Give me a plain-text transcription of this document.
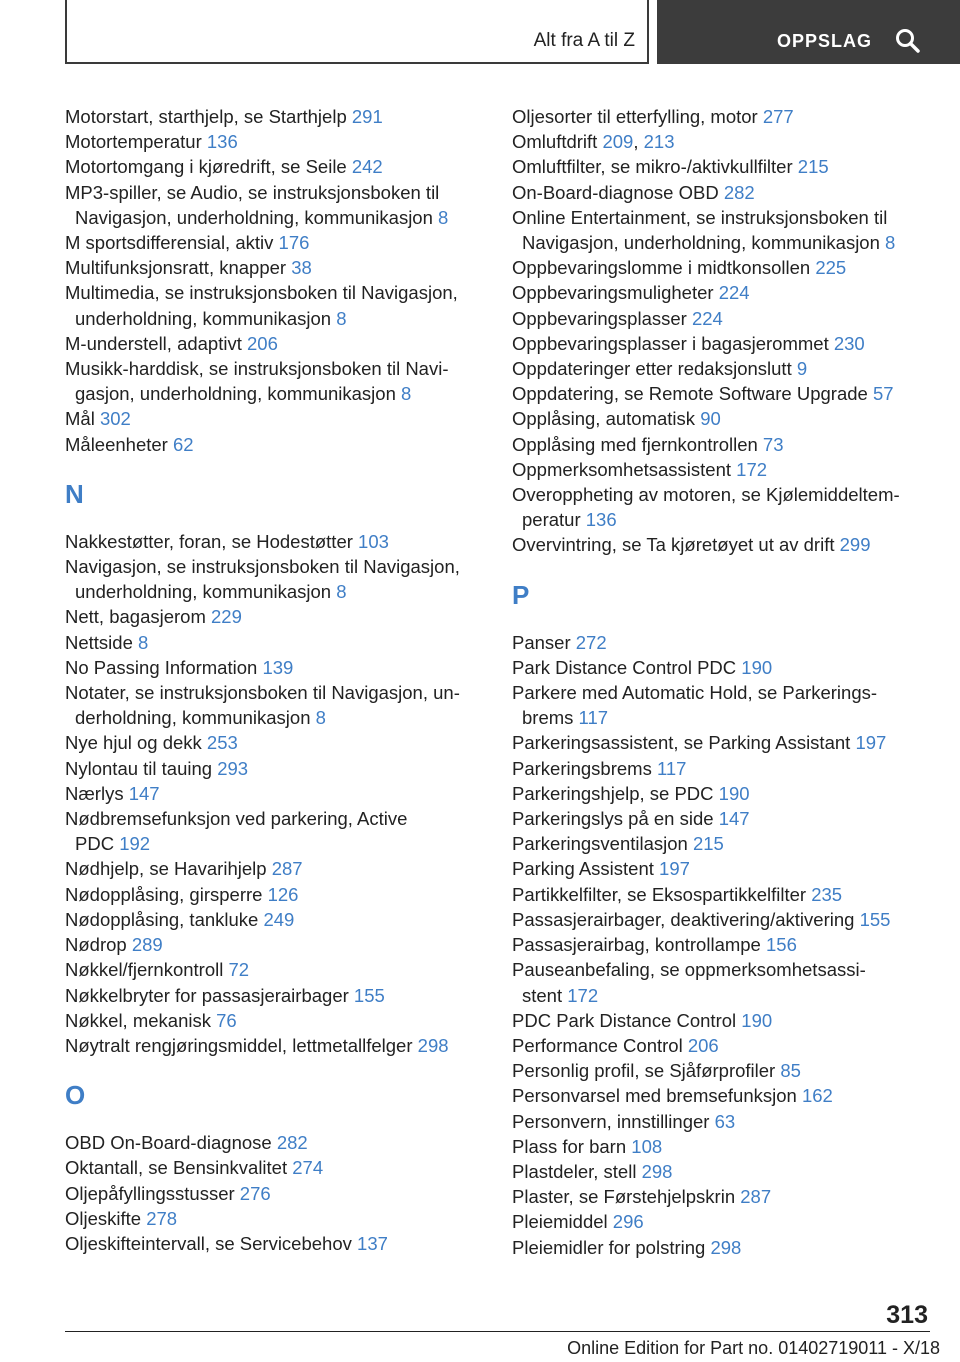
Alt fra A til Z	OPPSLAG
Motorstart, starthjelp, se Starthjelp 291
Motortemperatur 136
Motortomgang i kjøredrift, se Seile 242
MP3-spiller, se Audio, se instruksjonsboken til
Navigasjon, underholdning, kommunikasjon 8
M sportsdifferensial, aktiv 176
Multifunksjonsratt, knapper 38
Multimedia, se instruksjonsboken til Navigasjon,
underholdning, kommunikasjon 8
M-understell, adaptivt 206
Musikk-harddisk, se instruksjonsboken til Navi-
gasjon, underholdning, kommunikasjon 8
Mål 302
Måleenheter 62
N
Nakkestøtter, foran, se Hodestøtter 103
Navigasjon, se instruksjonsboken til Navigasjon,
underholdning, kommunikasjon 8
Nett, bagasjerom 229
Nettside 8
No Passing Information 139
Notater, se instruksjonsboken til Navigasjon, un-
derholdning, kommunikasjon 8
Nye hjul og dekk 253
Nylontau til tauing 293
Nærlys 147
Nødbremsefunksjon ved parkering, Active
PDC 192
Nødhjelp, se Havarihjelp 287
Nødopplåsing, girsperre 126
Nødopplåsing, tankluke 249
Nødrop 289
Nøkkel/fjernkontroll 72
Nøkkelbryter for passasjerairbager 155
Nøkkel, mekanisk 76
Nøytralt rengjøringsmiddel, lettmetallfelger 298
O
OBD On-Board-diagnose 282
Oktantall, se Bensinkvalitet 274
Oljepåfyllingsstusser 276
Oljeskifte 278
Oljeskifteintervall, se Servicebehov 137
Oljesorter til etterfylling, motor 277
Omluftdrift 209, 213
Omluftfilter, se mikro-/aktivkullfilter 215
On-Board-diagnose OBD 282
Online Entertainment, se instruksjonsboken til
Navigasjon, underholdning, kommunikasjon 8
Oppbevaringslomme i midtkonsollen 225
Oppbevaringsmuligheter 224
Oppbevaringsplasser 224
Oppbevaringsplasser i bagasjerommet 230
Oppdateringer etter redaksjonslutt 9
Oppdatering, se Remote Software Upgrade 57
Opplåsing, automatisk 90
Opplåsing med fjernkontrollen 73
Oppmerksomhetsassistent 172
Overoppheting av motoren, se Kjølemiddeltem-
peratur 136
Overvintring, se Ta kjøretøyet ut av drift 299
P
Panser 272
Park Distance Control PDC 190
Parkere med Automatic Hold, se Parkerings-
brems 117
Parkeringsassistent, se Parking Assistant 197
Parkeringsbrems 117
Parkeringshjelp, se PDC 190
Parkeringslys på en side 147
Parkeringsventilasjon 215
Parking Assistent 197
Partikkelfilter, se Eksospartikkelfilter 235
Passasjerairbager, deaktivering/aktivering 155
Passasjerairbag, kontrollampe 156
Pauseanbefaling, se oppmerksomhetsassi-
stent 172
PDC Park Distance Control 190
Performance Control 206
Personlig profil, se Sjåførprofiler 85
Personvarsel med bremsefunksjon 162
Personvern, innstillinger 63
Plass for barn 108
Plastdeler, stell 298
Plaster, se Førstehjelpskrin 287
Pleiemiddel 296
Pleiemidler for polstring 298
313
Online Edition for Part no. 01402719011 - X/18
